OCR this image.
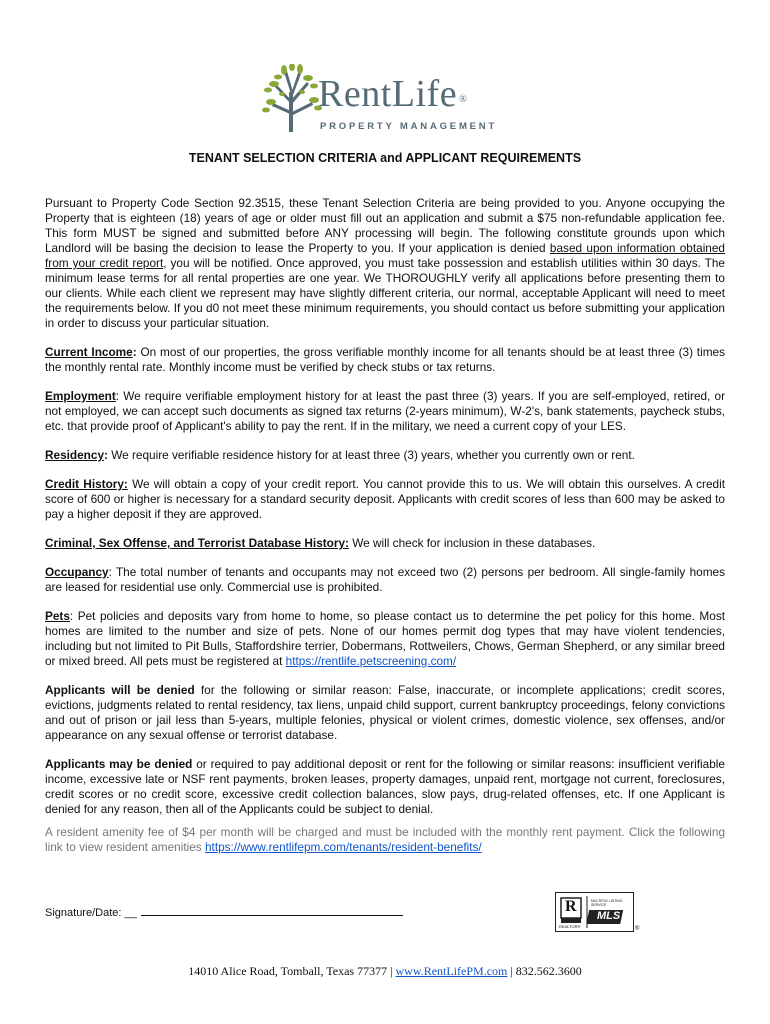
RentLife ®
PROPERTY MANAGEMENT
TENANT SELECTION CRITERIA and APPLICANT REQUIREMENTS

Pursuant to Property Code Section 92.3515, these Tenant Selection Criteria are being provided to you. Anyone occupying the Property that is eighteen (18) years of age or older must fill out an application and submit a $75 non-refundable application fee. This form MUST be signed and submitted before ANY processing will begin. The following constitute grounds upon which Landlord will be basing the decision to lease the Property to you. If your application is denied based upon information obtained from your credit report, you will be notified. Once approved, you must take possession and establish utilities within 30 days. The minimum lease terms for all rental properties are one year. We THOROUGHLY verify all applications before presenting them to our clients. While each client we represent may have slightly different criteria, our normal, acceptable Applicant will need to meet the requirements below. If you d0 not meet these minimum requirements, you should contact us before submitting your application in order to discuss your particular situation.

Current Income: On most of our properties, the gross verifiable monthly income for all tenants should be at least three (3) times the monthly rental rate. Monthly income must be verified by check stubs or tax returns.

Employment: We require verifiable employment history for at least the past three (3) years. If you are self-employed, retired, or not employed, we can accept such documents as signed tax returns (2-years minimum), W-2's, bank statements, paycheck stubs, etc. that provide proof of Applicant's ability to pay the rent. If in the military, we need a current copy of your LES.

Residency: We require verifiable residence history for at least three (3) years, whether you currently own or rent.

Credit History: We will obtain a copy of your credit report. You cannot provide this to us. We will obtain this ourselves. A credit score of 600 or higher is necessary for a standard security deposit. Applicants with credit scores of less than 600 may be asked to pay a higher deposit if they are approved.

Criminal, Sex Offense, and Terrorist Database History: We will check for inclusion in these databases.

Occupancy: The total number of tenants and occupants may not exceed two (2) persons per bedroom. All single-family homes are leased for residential use only. Commercial use is prohibited.

Pets: Pet policies and deposits vary from home to home, so please contact us to determine the pet policy for this home. Most homes are limited to the number and size of pets. None of our homes permit dog types that may have violent tendencies, including but not limited to Pit Bulls, Staffordshire terrier, Dobermans, Rottweilers, Chows, German Shepherd, or any similar breed or mixed breed. All pets must be registered at https://rentlife.petscreening.com/

Applicants will be denied for the following or similar reason: False, inaccurate, or incomplete applications; credit scores, evictions, judgments related to rental residency, tax liens, unpaid child support, current bankruptcy proceedings, felony convictions and out of prison or jail less than 5-years, multiple felonies, physical or violent crimes, domestic violence, sex offenses, and/or appearance on any sexual offense or terrorist database.

Applicants may be denied or required to pay additional deposit or rent for the following or similar reasons: insufficient verifiable income, excessive late or NSF rent payments, broken leases, property damages, unpaid rent, mortgage not current, foreclosures, credit scores or no credit score, excessive credit collection balances, slow pays, drug-related offenses, etc. If one Applicant is denied for any reason, then all of the Applicants could be subject to denial.

A resident amenity fee of $4 per month will be charged and must be included with the monthly rent payment. Click the following link to view resident amenities https://www.rentlifepm.com/tenants/resident-benefits/

Signature/Date: __	R
REALTOR®
MULTIPLE LISTING SERVICE
MLS
®
14010 Alice Road, Tomball, Texas 77377 | www.RentLifePM.com | 832.562.3600
